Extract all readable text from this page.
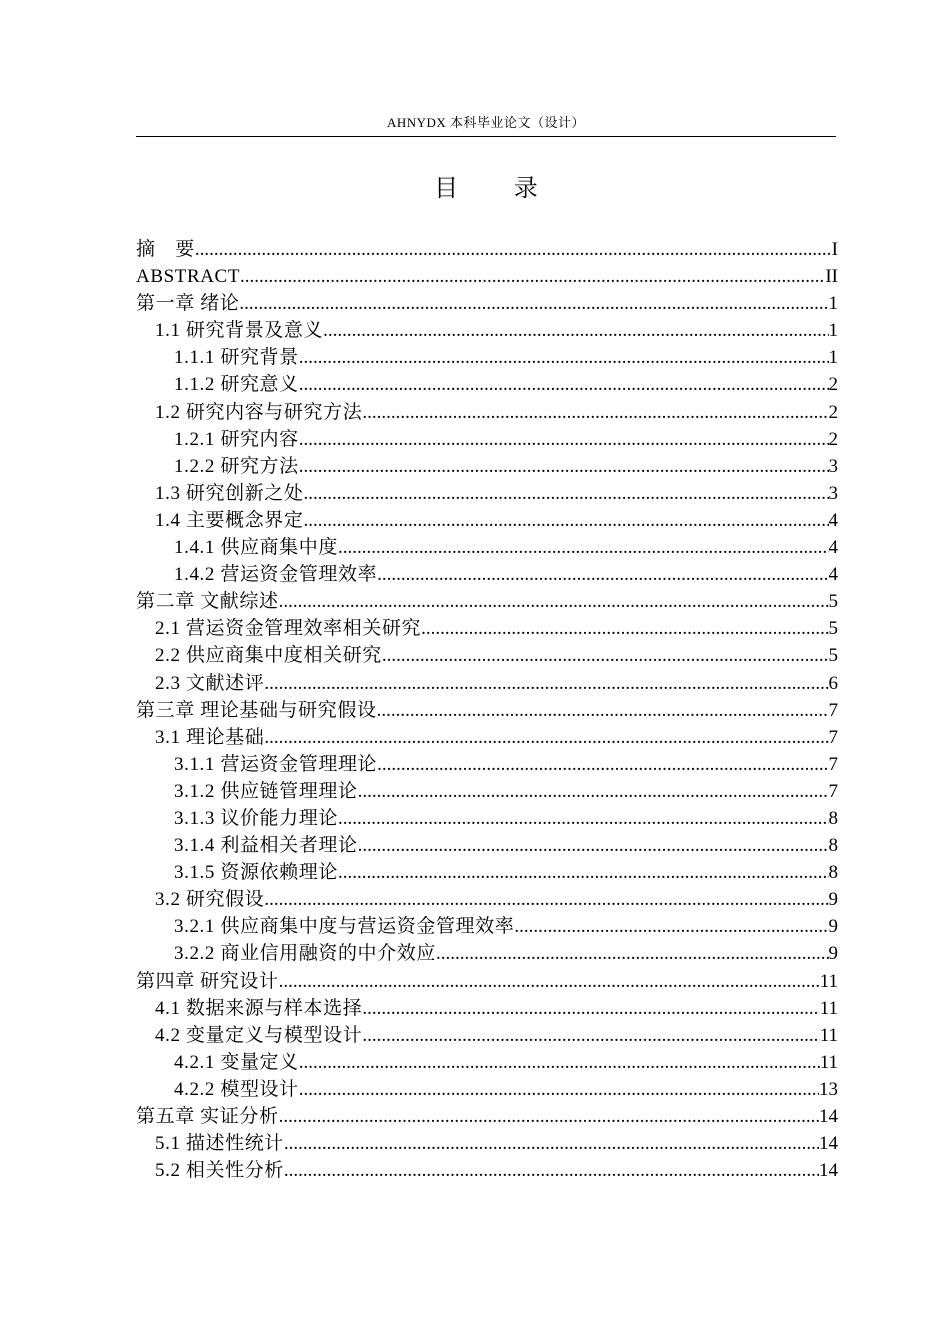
AHNYDX 本科毕业论文（设计）
目 录
摘　要 .....	I
ABSTRACT .....	II
第一章 绪论 .....	1
1.1 研究背景及意义 .....	1
1.1.1 研究背景 .....	1
1.1.2 研究意义 .....	2
1.2 研究内容与研究方法 .....	2
1.2.1 研究内容 .....	2
1.2.2 研究方法 .....	3
1.3 研究创新之处 .....	3
1.4 主要概念界定 .....	4
1.4.1 供应商集中度 .....	4
1.4.2 营运资金管理效率 .....	4
第二章 文献综述 .....	5
2.1 营运资金管理效率相关研究 .....	5
2.2 供应商集中度相关研究 .....	5
2.3 文献述评 .....	6
第三章 理论基础与研究假设 .....	7
3.1 理论基础 .....	7
3.1.1 营运资金管理理论 .....	7
3.1.2 供应链管理理论 .....	7
3.1.3 议价能力理论 .....	8
3.1.4 利益相关者理论 .....	8
3.1.5 资源依赖理论 .....	8
3.2 研究假设 .....	9
3.2.1 供应商集中度与营运资金管理效率 .....	9
3.2.2 商业信用融资的中介效应 .....	9
第四章 研究设计 .....	11
4.1 数据来源与样本选择 .....	11
4.2 变量定义与模型设计 .....	11
4.2.1 变量定义 .....	11
4.2.2 模型设计 .....	13
第五章 实证分析 .....	14
5.1 描述性统计 .....	14
5.2 相关性分析 .....	14
